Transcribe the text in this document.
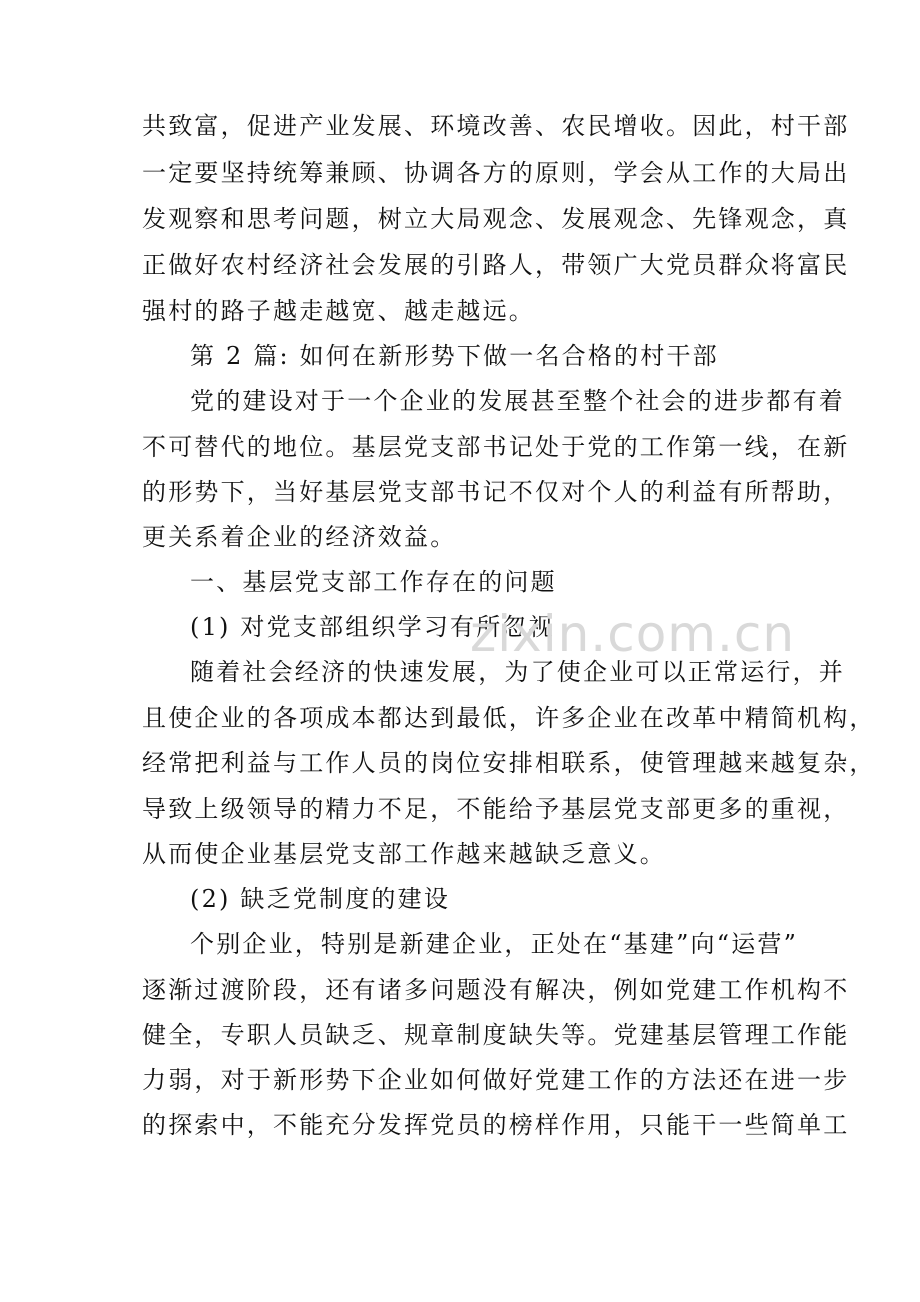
共致富，促进产业发展、环境改善、农民增收。因此，村干部
一定要坚持统筹兼顾、协调各方的原则，学会从工作的大局出
发观察和思考问题，树立大局观念、发展观念、先锋观念，真
正做好农村经济社会发展的引路人，带领广大党员群众将富民
强村的路子越走越宽、越走越远。
第 2 篇: 如何在新形势下做一名合格的村干部
党的建设对于一个企业的发展甚至整个社会的进步都有着
不可替代的地位。基层党支部书记处于党的工作第一线，在新
的形势下，当好基层党支部书记不仅对个人的利益有所帮助，
更关系着企业的经济效益。
一、基层党支部工作存在的问题
(1) 对党支部组织学习有所忽视
随着社会经济的快速发展，为了使企业可以正常运行，并
且使企业的各项成本都达到最低，许多企业在改革中精简机构，
经常把利益与工作人员的岗位安排相联系，使管理越来越复杂，
导致上级领导的精力不足，不能给予基层党支部更多的重视，
从而使企业基层党支部工作越来越缺乏意义。
(2) 缺乏党制度的建设
个别企业，特别是新建企业，正处在“基建”向“运营”
逐渐过渡阶段，还有诸多问题没有解决，例如党建工作机构不
健全，专职人员缺乏、规章制度缺失等。党建基层管理工作能
力弱，对于新形势下企业如何做好党建工作的方法还在进一步
的探索中，不能充分发挥党员的榜样作用，只能干一些简单工
zixin.com.cn
